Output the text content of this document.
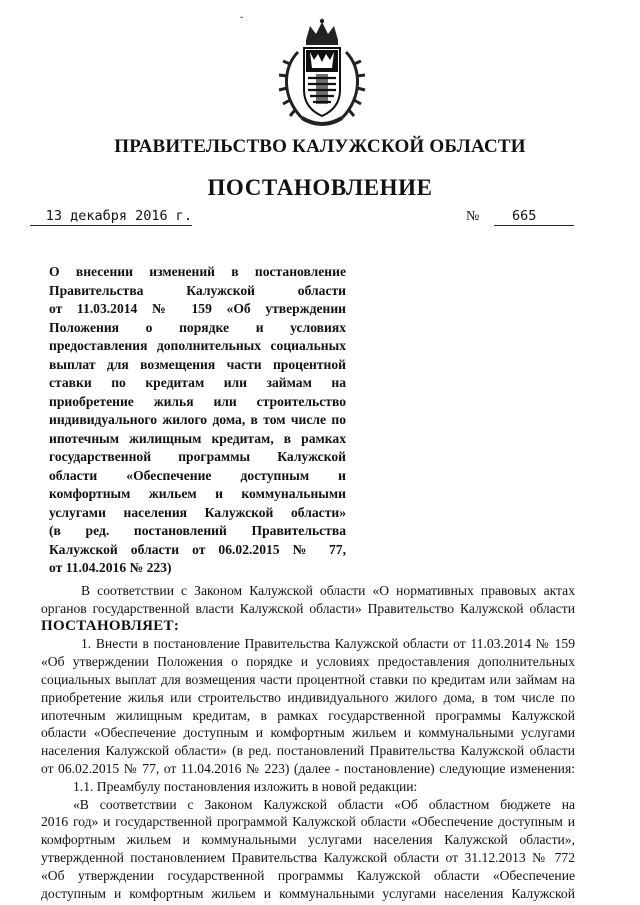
ˇ
ПРАВИТЕЛЬСТВО КАЛУЖСКОЙ ОБЛАСТИ
ПОСТАНОВЛЕНИЕ
13 декабря 2016 г.	№	665
О внесении изменений в постановление
Правительства Калужской области
от 11.03.2014 № 159 «Об утверждении
Положения о порядке и условиях
предоставления дополнительных социальных
выплат для возмещения части процентной
ставки по кредитам или займам на
приобретение жилья или строительство
индивидуального жилого дома, в том числе по
ипотечным жилищным кредитам, в рамках
государственной программы Калужской
области «Обеспечение доступным и
комфортным жильем и коммунальными
услугами населения Калужской области»
(в ред. постановлений Правительства
Калужской области от 06.02.2015 № 77,
от 11.04.2016 № 223)
В соответствии с Законом Калужской области «О нормативных правовых актах
органов государственной власти Калужской области» Правительство Калужской области
ПОСТАНОВЛЯЕТ:
1. Внести в постановление Правительства Калужской области от 11.03.2014 № 159
«Об утверждении Положения о порядке и условиях предоставления дополнительных
социальных выплат для возмещения части процентной ставки по кредитам или займам на
приобретение жилья или строительство индивидуального жилого дома, в том числе по
ипотечным жилищным кредитам, в рамках государственной программы Калужской
области «Обеспечение доступным и комфортным жильем и коммунальными услугами
населения Калужской области» (в ред. постановлений Правительства Калужской области
от 06.02.2015 № 77, от 11.04.2016 № 223) (далее - постановление) следующие изменения:
1.1. Преамбулу постановления изложить в новой редакции:
«В соответствии с Законом Калужской области «Об областном бюджете на
2016 год» и государственной программой Калужской области «Обеспечение доступным и
комфортным жильем и коммунальными услугами населения Калужской области»,
утвержденной постановлением Правительства Калужской области от 31.12.2013 № 772
«Об утверждении государственной программы Калужской области «Обеспечение
доступным и комфортным жильем и коммунальными услугами населения Калужской
